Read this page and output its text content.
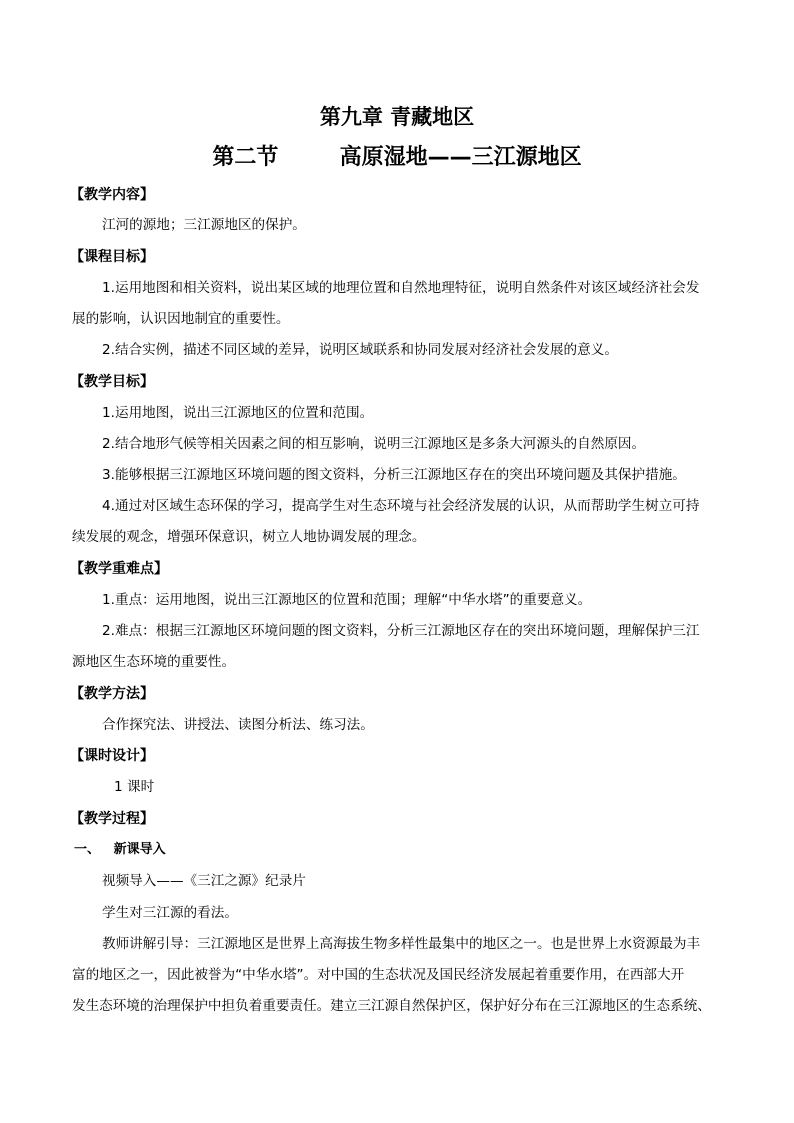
第九章 青藏地区
第二节        高原湿地——三江源地区
【教学内容】
江河的源地；三江源地区的保护。
【课程目标】
1.运用地图和相关资料，说出某区域的地理位置和自然地理特征，说明自然条件对该区域经济社会发
展的影响，认识因地制宜的重要性。
2.结合实例，描述不同区域的差异，说明区域联系和协同发展对经济社会发展的意义。
【教学目标】
1.运用地图，说出三江源地区的位置和范围。
2.结合地形气候等相关因素之间的相互影响，说明三江源地区是多条大河源头的自然原因。
3.能够根据三江源地区环境问题的图文资料，分析三江源地区存在的突出环境问题及其保护措施。
4.通过对区域生态环保的学习，提高学生对生态环境与社会经济发展的认识，从而帮助学生树立可持
续发展的观念，增强环保意识，树立人地协调发展的理念。
【教学重难点】
1.重点：运用地图，说出三江源地区的位置和范围；理解“中华水塔”的重要意义。
2.难点：根据三江源地区环境问题的图文资料，分析三江源地区存在的突出环境问题，理解保护三江
源地区生态环境的重要性。
【教学方法】
合作探究法、讲授法、读图分析法、练习法。
【课时设计】
1 课时
【教学过程】
一、   新课导入
视频导入——《三江之源》纪录片
学生对三江源的看法。
教师讲解引导：三江源地区是世界上高海拔生物多样性最集中的地区之一。也是世界上水资源最为丰
富的地区之一，因此被誉为“中华水塔”。对中国的生态状况及国民经济发展起着重要作用，在西部大开
发生态环境的治理保护中担负着重要责任。建立三江源自然保护区，保护好分布在三江源地区的生态系统、
